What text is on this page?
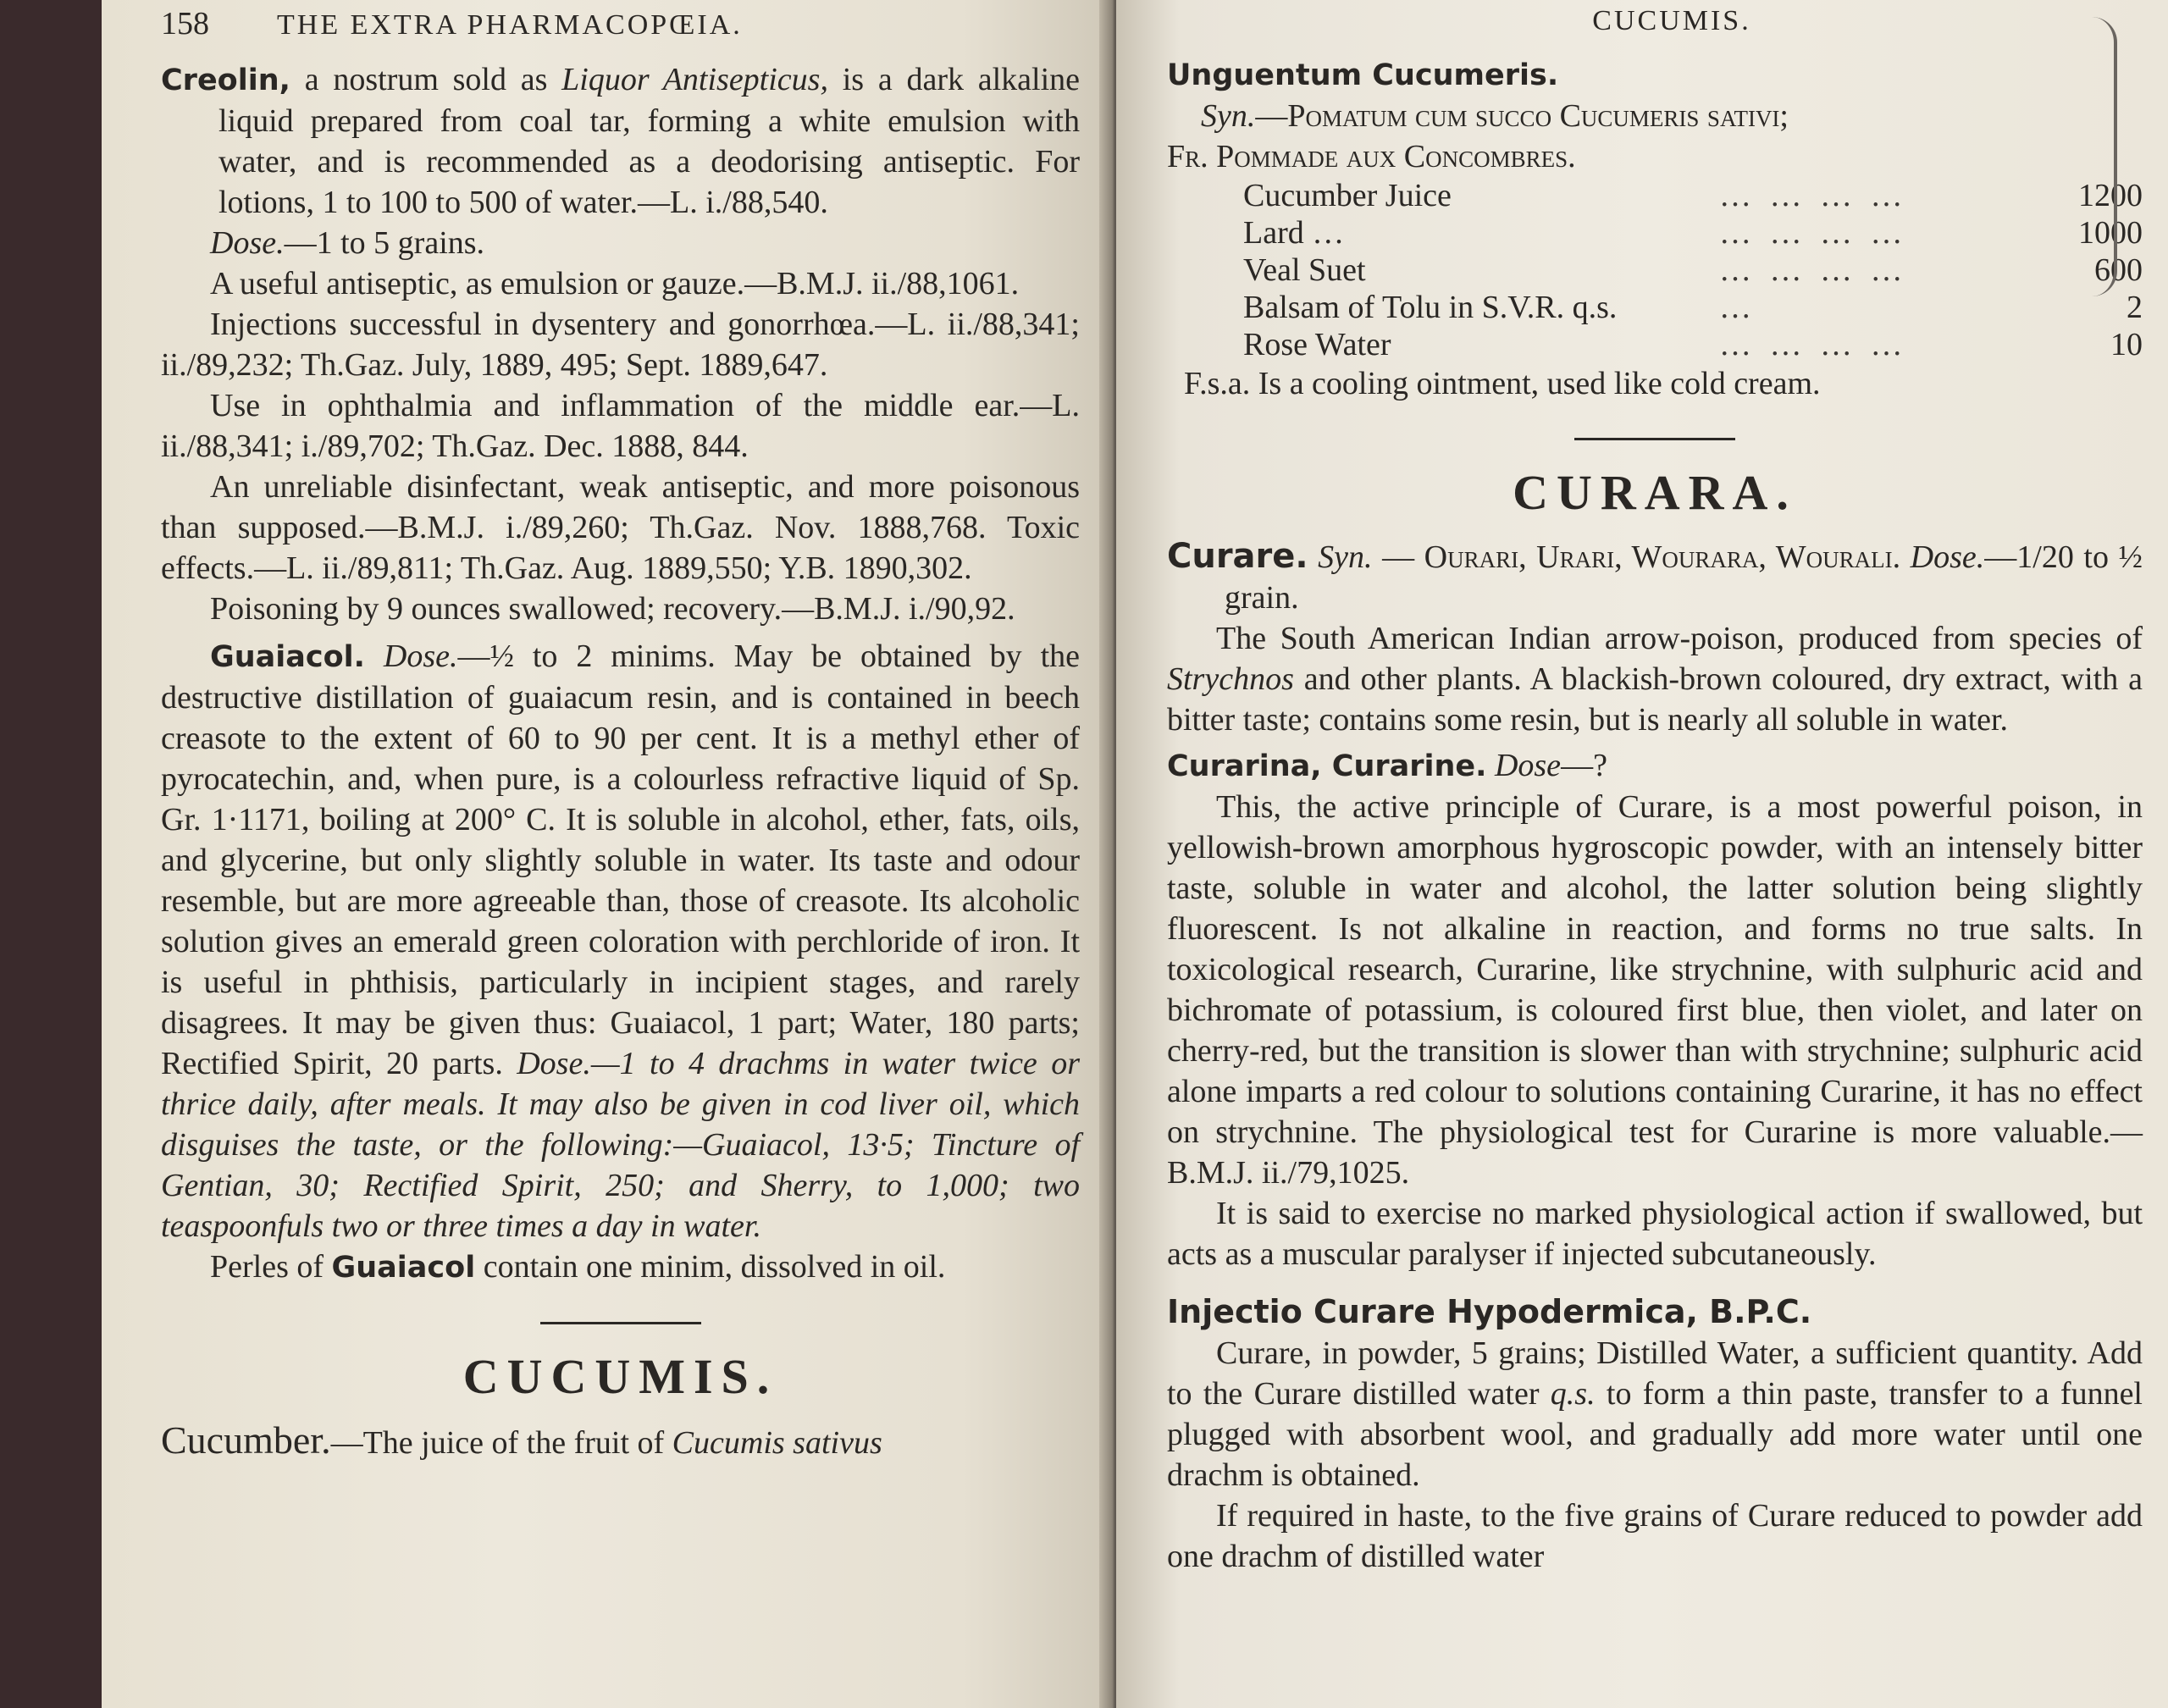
158 THE EXTRA PHARMACOPŒIA.

Creolin, a nostrum sold as Liquor Antisepticus, is a dark alkaline liquid prepared from coal tar, forming a white emulsion with water, and is recommended as a deodorising antiseptic. For lotions, 1 to 100 to 500 of water.—L. i./88,540.

Dose.—1 to 5 grains.

A useful antiseptic, as emulsion or gauze.—B.M.J. ii./88,1061.

Injections successful in dysentery and gonorrhœa.—L. ii./88,341; ii./89,232; Th.Gaz. July, 1889, 495; Sept. 1889,647.

Use in ophthalmia and inflammation of the middle ear.—L. ii./88,341; i./89,702; Th.Gaz. Dec. 1888, 844.

An unreliable disinfectant, weak antiseptic, and more poisonous than supposed.—B.M.J. i./89,260; Th.Gaz. Nov. 1888,768. Toxic effects.—L. ii./89,811; Th.Gaz. Aug. 1889,550; Y.B. 1890,302.

Poisoning by 9 ounces swallowed; recovery.—B.M.J. i./90,92.

Guaiacol. Dose.—½ to 2 minims. May be obtained by the destructive distillation of guaiacum resin, and is contained in beech creasote to the extent of 60 to 90 per cent. It is a methyl ether of pyrocatechin, and, when pure, is a colourless refractive liquid of Sp. Gr. 1·1171, boiling at 200° C. It is soluble in alcohol, ether, fats, oils, and glycerine, but only slightly soluble in water. Its taste and odour resemble, but are more agreeable than, those of creasote. Its alcoholic solution gives an emerald green coloration with perchloride of iron. It is useful in phthisis, particularly in incipient stages, and rarely disagrees. It may be given thus: Guaiacol, 1 part; Water, 180 parts; Rectified Spirit, 20 parts. Dose.—1 to 4 drachms in water twice or thrice daily, after meals. It may also be given in cod liver oil, which disguises the taste, or the following:—Guaiacol, 13·5; Tincture of Gentian, 30; Rectified Spirit, 250; and Sherry, to 1,000; two teaspoonfuls two or three times a day in water.

Perles of Guaiacol contain one minim, dissolved in oil.

CUCUMIS.

Cucumber.—The juice of the fruit of Cucumis sativus

CUCUMIS.

Unguentum Cucumeris.

Syn.—Pomatum cum succo Cucumeris sativi;

Fr. Pommade aux Concombres.

Cucumber Juice	… … … …	1200
Lard …	… … … …	1000
Veal Suet	… … … …	600
Balsam of Tolu in S.V.R. q.s.	…	2
Rose Water	… … … …	10

F.s.a. Is a cooling ointment, used like cold cream.

CURARA.

Curare. Syn. — Ourari, Urari, Wourara, Wourali. Dose.—1/20 to ½ grain.

The South American Indian arrow-poison, produced from species of Strychnos and other plants. A blackish-brown coloured, dry extract, with a bitter taste; contains some resin, but is nearly all soluble in water.

Curarina, Curarine. Dose—?

This, the active principle of Curare, is a most powerful poison, in yellowish-brown amorphous hygroscopic powder, with an intensely bitter taste, soluble in water and alcohol, the latter solution being slightly fluorescent. Is not alkaline in reaction, and forms no true salts. In toxicological research, Curarine, like strychnine, with sulphuric acid and bichromate of potassium, is coloured first blue, then violet, and later on cherry-red, but the transition is slower than with strychnine; sulphuric acid alone imparts a red colour to solutions containing Curarine, it has no effect on strychnine. The physiological test for Curarine is more valuable.—B.M.J. ii./79,1025.

It is said to exercise no marked physiological action if swallowed, but acts as a muscular paralyser if injected subcutaneously.

Injectio Curare Hypodermica, B.P.C.

Curare, in powder, 5 grains; Distilled Water, a sufficient quantity. Add to the Curare distilled water q.s. to form a thin paste, transfer to a funnel plugged with absorbent wool, and gradually add more water until one drachm is obtained.

If required in haste, to the five grains of Curare reduced to powder add one drachm of distilled water
